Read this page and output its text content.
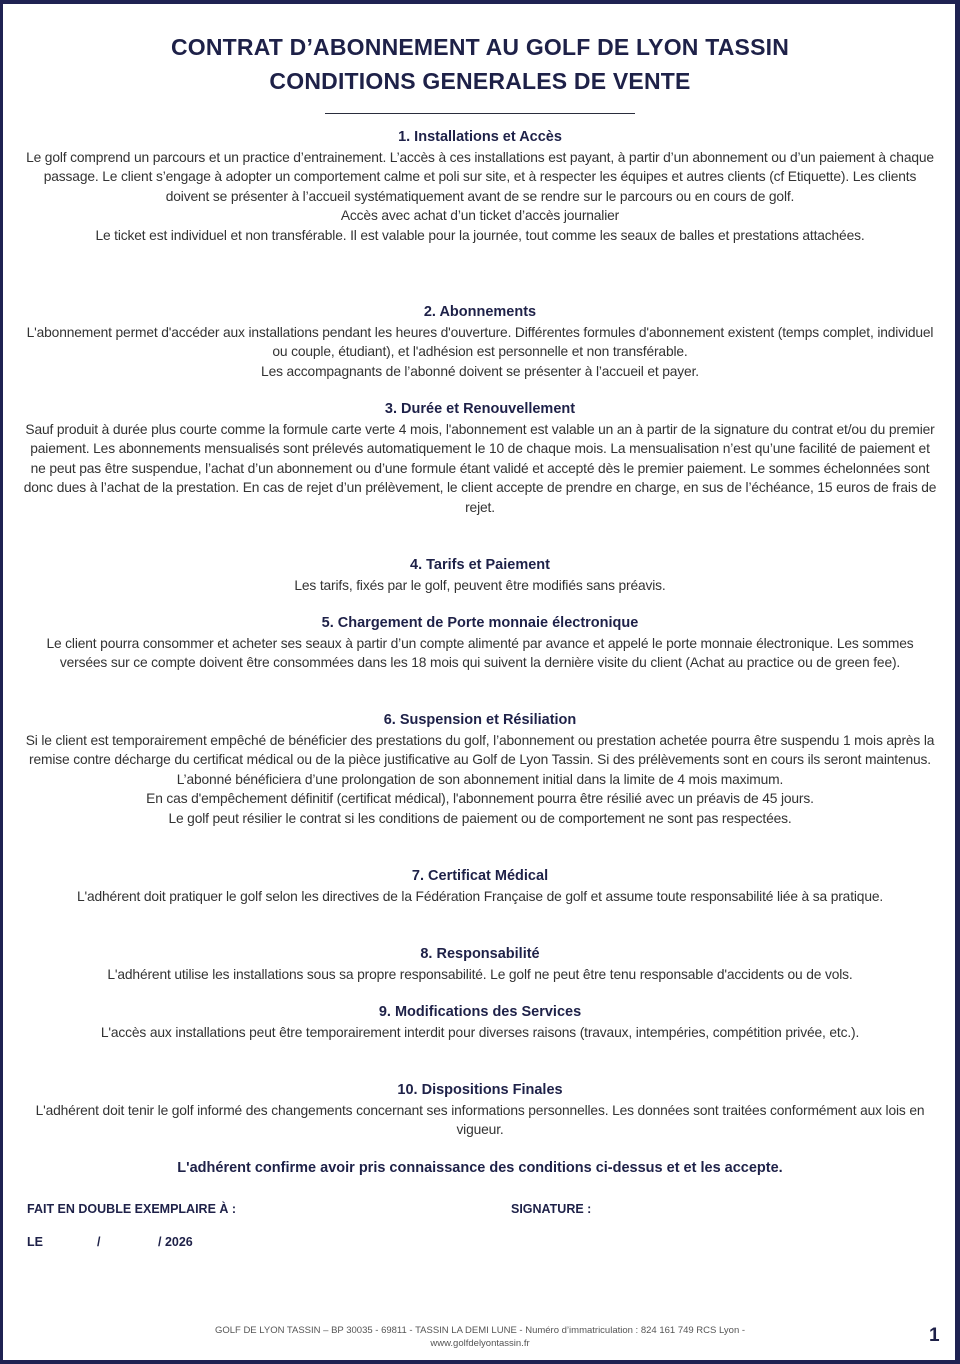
CONTRAT D’ABONNEMENT AU GOLF DE LYON TASSIN
CONDITIONS GENERALES DE VENTE
1. Installations et Accès

Le golf comprend un parcours et un practice d’entrainement. L’accès à ces installations est payant, à partir d’un abonnement ou d’un paiement à chaque passage. Le client s’engage à adopter un comportement calme et poli sur site, et à respecter les équipes et autres clients (cf Etiquette). Les clients doivent se présenter à l’accueil systématiquement avant de se rendre sur le parcours ou en cours de golf.

Accès avec achat d’un ticket d’accès journalier

Le ticket est individuel et non transférable. Il est valable pour la journée, tout comme les seaux de balles et prestations attachées.

2. Abonnements

L'abonnement permet d'accéder aux installations pendant les heures d'ouverture. Différentes formules d'abonnement existent (temps complet, individuel ou couple, étudiant), et l'adhésion est personnelle et non transférable.

Les accompagnants de l’abonné doivent se présenter à l’accueil et payer.

3. Durée et Renouvellement

Sauf produit à durée plus courte comme la formule carte verte 4 mois, l'abonnement est valable un an à partir de la signature du contrat et/ou du premier paiement. Les abonnements mensualisés sont prélevés automatiquement le 10 de chaque mois. La mensualisation n’est qu’une facilité de paiement et ne peut pas être suspendue, l’achat d’un abonnement ou d’une formule étant validé et accepté dès le premier paiement. Le sommes échelonnées sont donc dues à l’achat de la prestation. En cas de rejet d’un prélèvement, le client accepte de prendre en charge, en sus de l’échéance, 15 euros de frais de rejet.

4. Tarifs et Paiement

Les tarifs, fixés par le golf, peuvent être modifiés sans préavis.

5. Chargement de Porte monnaie électronique

Le client pourra consommer et acheter ses seaux à partir d’un compte alimenté par avance et appelé le porte monnaie électronique. Les sommes versées sur ce compte doivent être consommées dans les 18 mois qui suivent la dernière visite du client (Achat au practice ou de green fee).

6. Suspension et Résiliation

Si le client est temporairement empêché de bénéficier des prestations du golf, l’abonnement ou prestation achetée pourra être suspendu 1 mois après la remise contre décharge du certificat médical ou de la pièce justificative au Golf de Lyon Tassin. Si des prélèvements sont en cours ils seront maintenus. L’abonné bénéficiera d’une prolongation de son abonnement initial dans la limite de 4 mois maximum.

En cas d'empêchement définitif (certificat médical), l'abonnement pourra être résilié avec un préavis de 45 jours.

Le golf peut résilier le contrat si les conditions de paiement ou de comportement ne sont pas respectées.

7. Certificat Médical

L'adhérent doit pratiquer le golf selon les directives de la Fédération Française de golf et assume toute responsabilité liée à sa pratique.

8. Responsabilité

L'adhérent utilise les installations sous sa propre responsabilité. Le golf ne peut être tenu responsable d'accidents ou de vols.

9. Modifications des Services

L'accès aux installations peut être temporairement interdit pour diverses raisons (travaux, intempéries, compétition privée, etc.).

10. Dispositions Finales

L'adhérent doit tenir le golf informé des changements concernant ses informations personnelles. Les données sont traitées conformément aux lois en vigueur.

L'adhérent confirme avoir pris connaissance des conditions ci-dessus et et les accepte.
FAIT EN DOUBLE EXEMPLAIRE À :	SIGNATURE :
LE	/	/ 2026
GOLF DE LYON TASSIN – BP 30035 - 69811 - TASSIN LA DEMI LUNE - Numéro d’immatriculation : 824 161 749 RCS Lyon -
www.golfdelyontassin.fr	1
